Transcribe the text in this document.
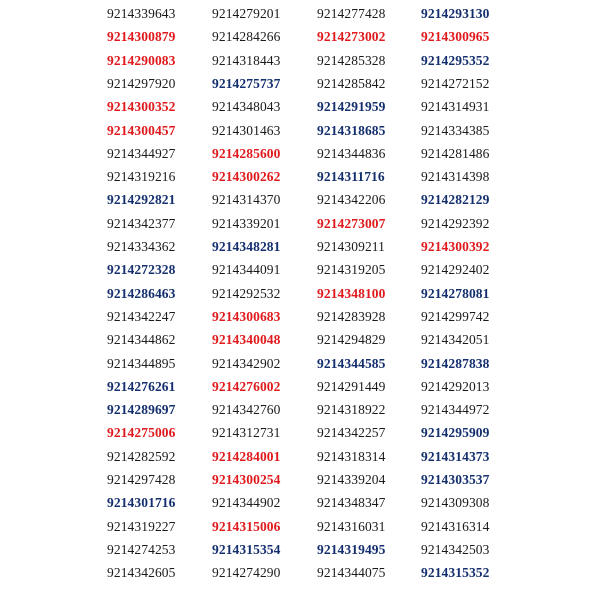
9214339643
9214300879
9214290083
9214297920
9214300352
9214300457
9214344927
9214319216
9214292821
9214342377
9214334362
9214272328
9214286463
9214342247
9214344862
9214344895
9214276261
9214289697
9214275006
9214282592
9214297428
9214301716
9214319227
9214274253
9214342605
9214279201
9214284266
9214318443
9214275737
9214348043
9214301463
9214285600
9214300262
9214314370
9214339201
9214348281
9214344091
9214292532
9214300683
9214340048
9214342902
9214276002
9214342760
9214312731
9214284001
9214300254
9214344902
9214315006
9214315354
9214274290
9214277428
9214273002
9214285328
9214285842
9214291959
9214318685
9214344836
9214311716
9214342206
9214273007
9214309211
9214319205
9214348100
9214283928
9214294829
9214344585
9214291449
9214318922
9214342257
9214318314
9214339204
9214348347
9214316031
9214319495
9214344075
9214293130
9214300965
9214295352
9214272152
9214314931
9214334385
9214281486
9214314398
9214282129
9214292392
9214300392
9214292402
9214278081
9214299742
9214342051
9214287838
9214292013
9214344972
9214295909
9214314373
9214303537
9214309308
9214316314
9214342503
9214315352
